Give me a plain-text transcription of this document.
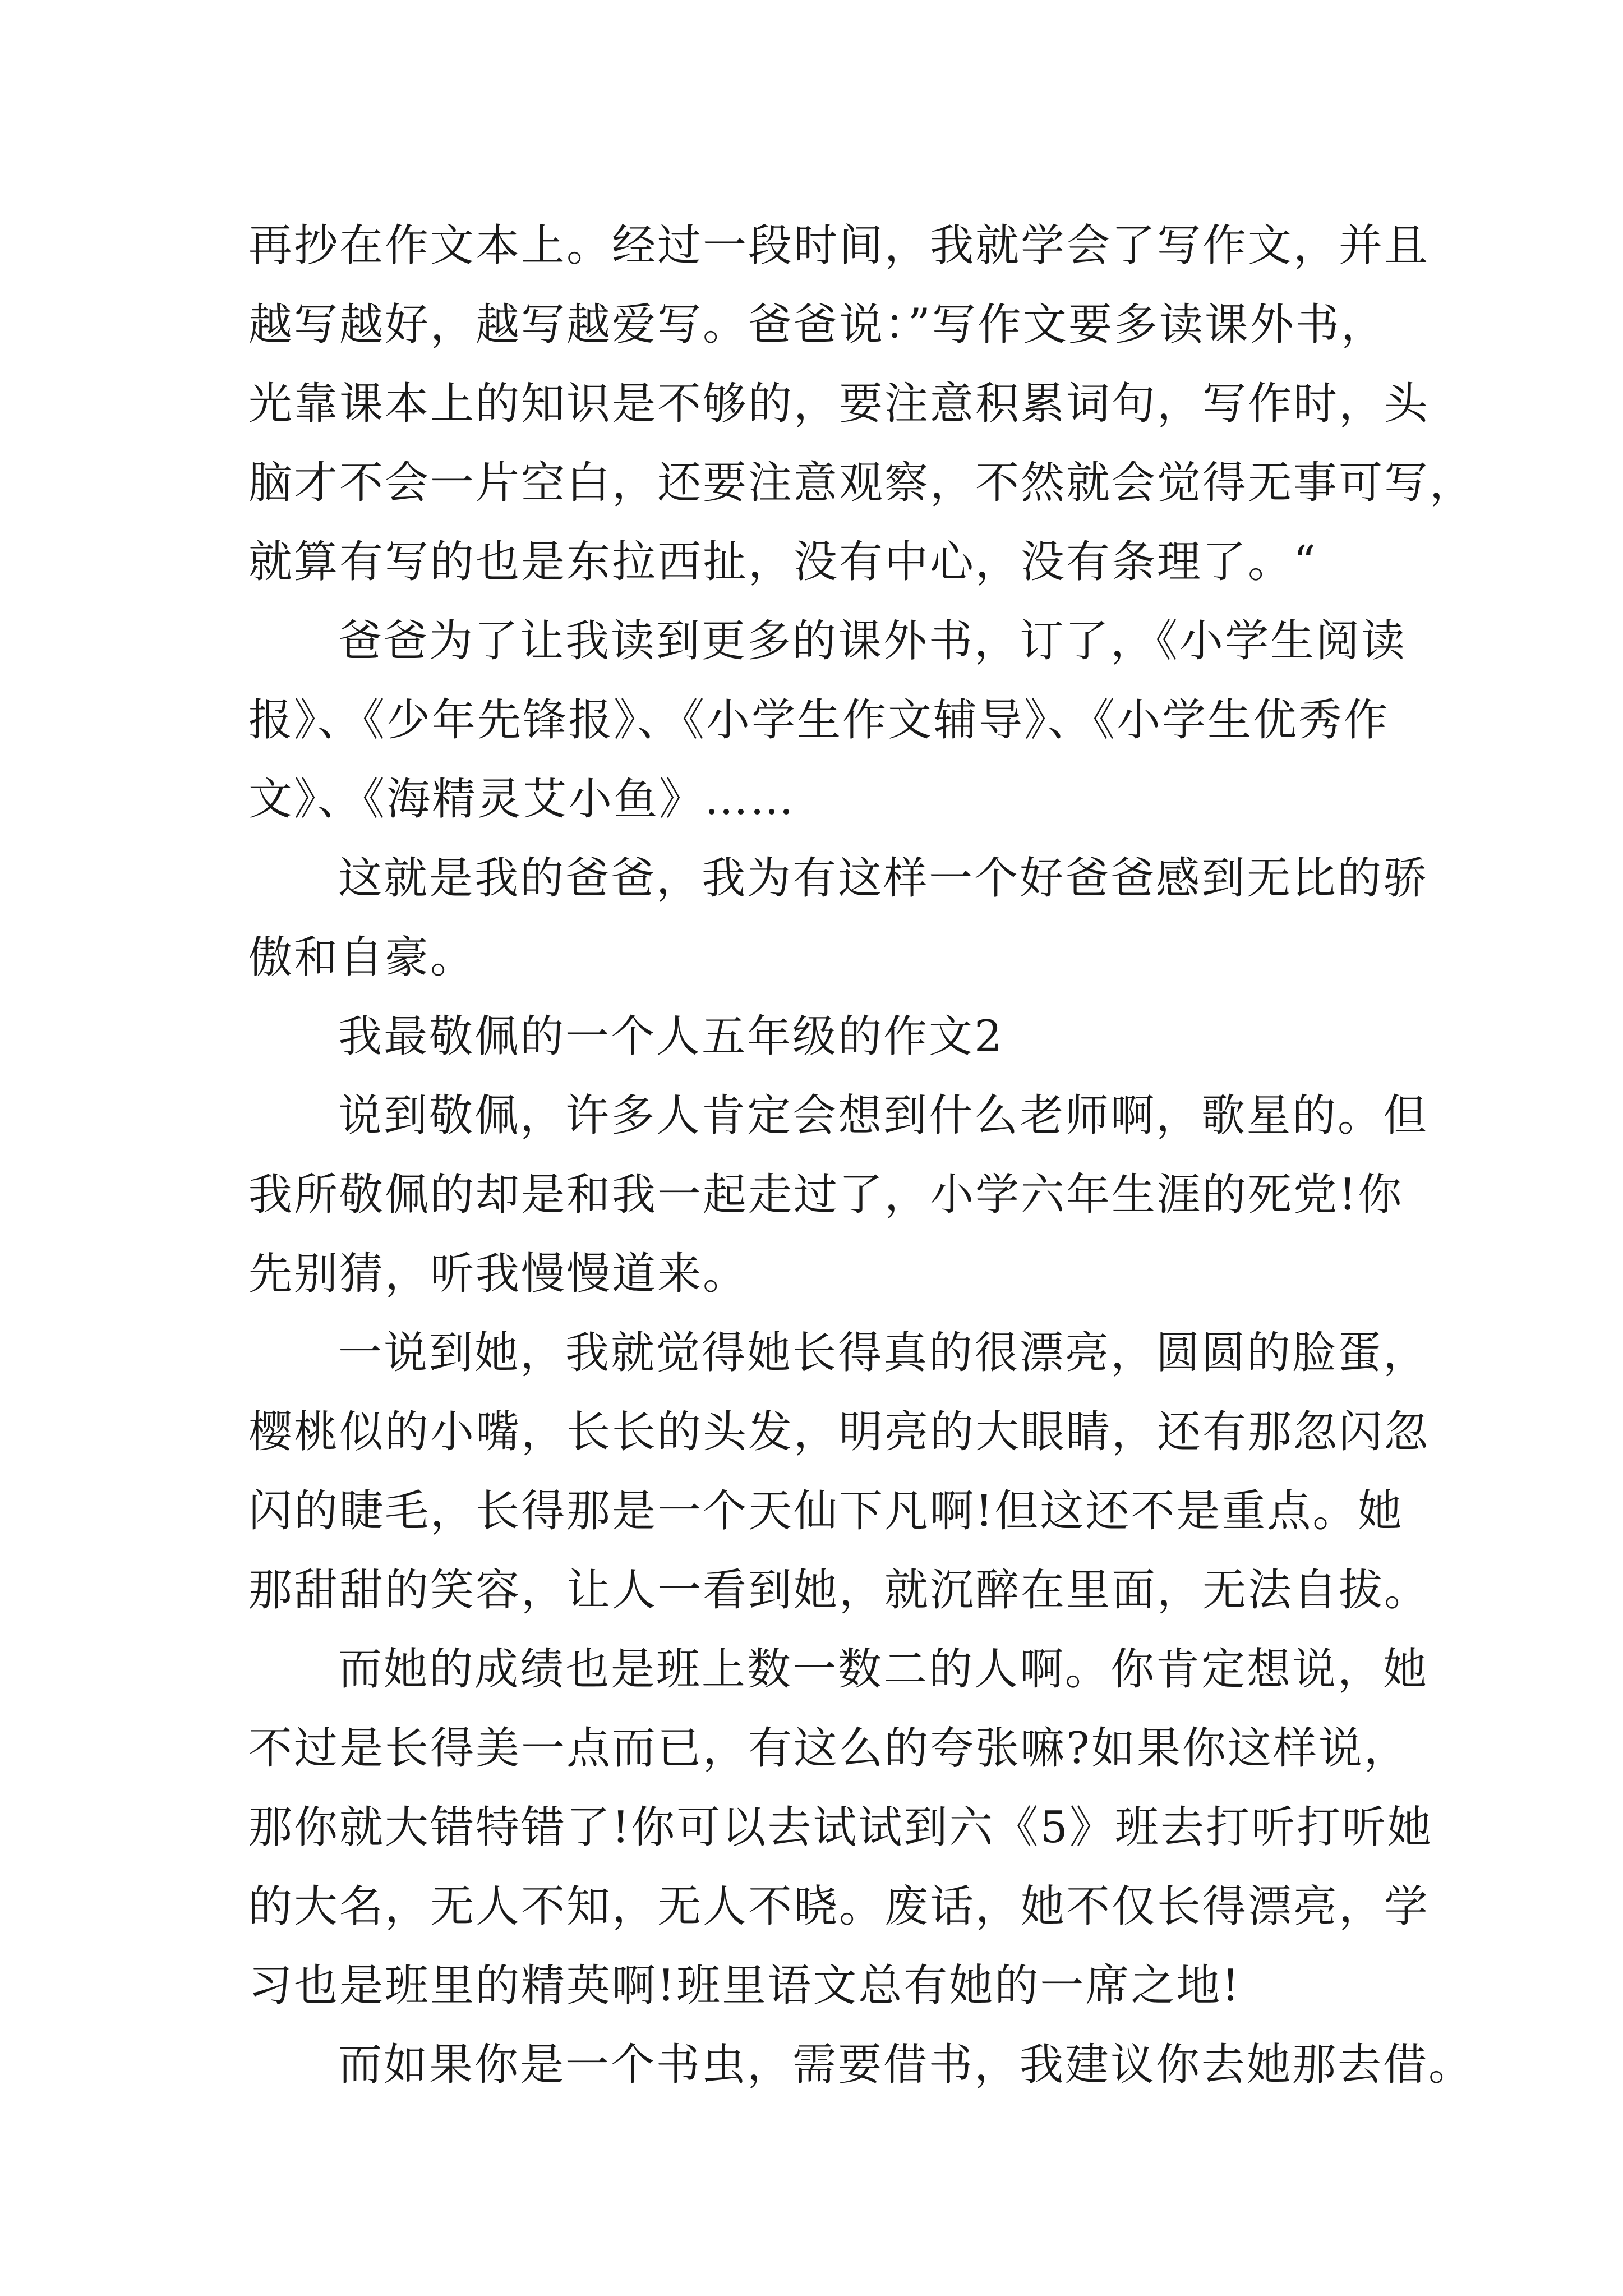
再抄在作文本上。经过一段时间，我就学会了写作文，并且
越写越好，越写越爱写。爸爸说：”写作文要多读课外书，
光靠课本上的知识是不够的，要注意积累词句，写作时，头
脑才不会一片空白，还要注意观察，不然就会觉得无事可写，
就算有写的也是东拉西扯，没有中心，没有条理了。“
爸爸为了让我读到更多的课外书，订了，《小学生阅读
报》、《少年先锋报》、《小学生作文辅导》、《小学生优秀作
文》、《海精灵艾小鱼》……
这就是我的爸爸，我为有这样一个好爸爸感到无比的骄
傲和自豪。
我最敬佩的一个人五年级的作文2
说到敬佩，许多人肯定会想到什么老师啊，歌星的。但
我所敬佩的却是和我一起走过了，小学六年生涯的死党!你
先别猜，听我慢慢道来。
一说到她，我就觉得她长得真的很漂亮，圆圆的脸蛋，
樱桃似的小嘴，长长的头发，明亮的大眼睛，还有那忽闪忽
闪的睫毛，长得那是一个天仙下凡啊!但这还不是重点。她
那甜甜的笑容，让人一看到她，就沉醉在里面，无法自拔。
而她的成绩也是班上数一数二的人啊。你肯定想说，她
不过是长得美一点而已，有这么的夸张嘛?如果你这样说，
那你就大错特错了!你可以去试试到六《5》班去打听打听她
的大名，无人不知，无人不晓。废话，她不仅长得漂亮，学
习也是班里的精英啊!班里语文总有她的一席之地!
而如果你是一个书虫，需要借书，我建议你去她那去借。
